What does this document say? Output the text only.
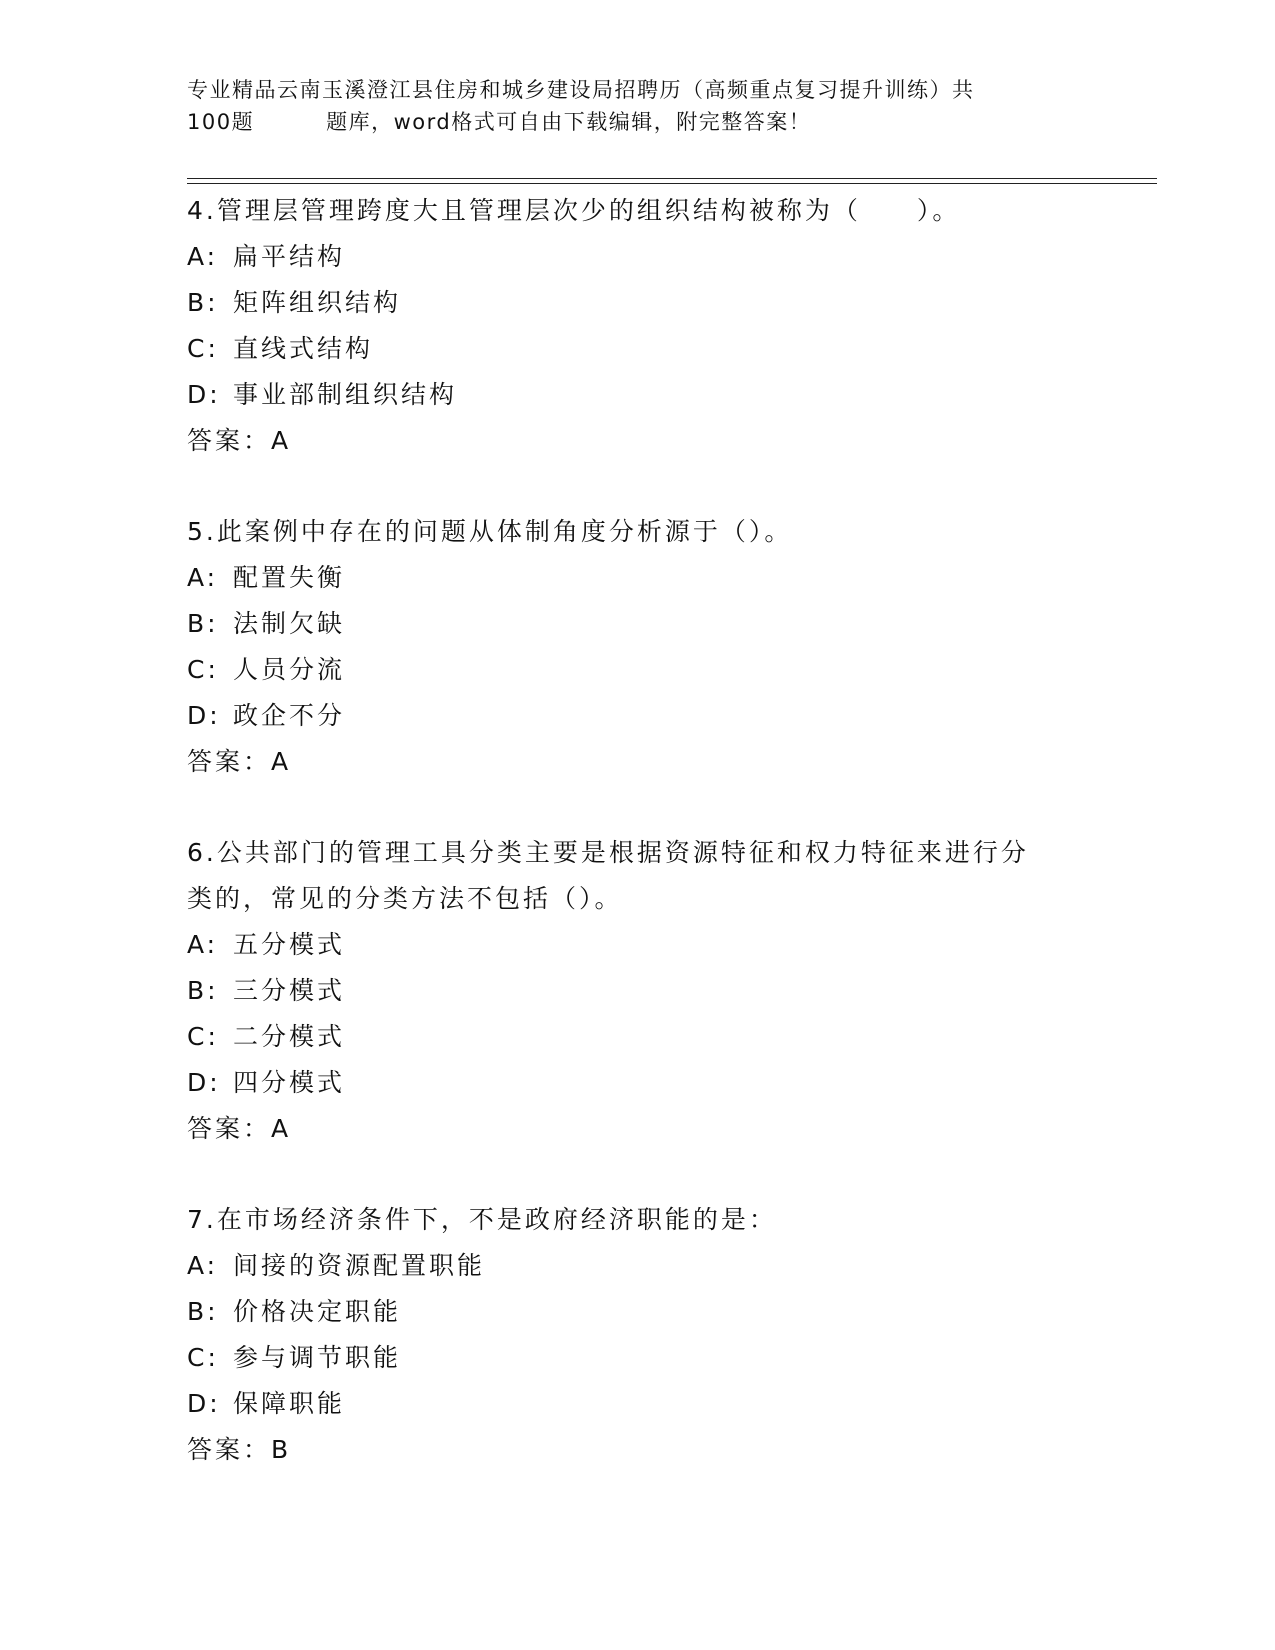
专业精品云南玉溪澄江县住房和城乡建设局招聘历（高频重点复习提升训练）共
100题	题库，word格式可自由下载编辑，附完整答案！
4.管理层管理跨度大且管理层次少的组织结构被称为（　　）。
A: 扁平结构
B: 矩阵组织结构
C: 直线式结构
D: 事业部制组织结构
答案：A
5.此案例中存在的问题从体制角度分析源于（）。
A: 配置失衡
B: 法制欠缺
C: 人员分流
D: 政企不分
答案：A
6.公共部门的管理工具分类主要是根据资源特征和权力特征来进行分
类的，常见的分类方法不包括（）。
A: 五分模式
B: 三分模式
C: 二分模式
D: 四分模式
答案：A
7.在市场经济条件下，不是政府经济职能的是：
A: 间接的资源配置职能
B: 价格决定职能
C: 参与调节职能
D: 保障职能
答案：B
